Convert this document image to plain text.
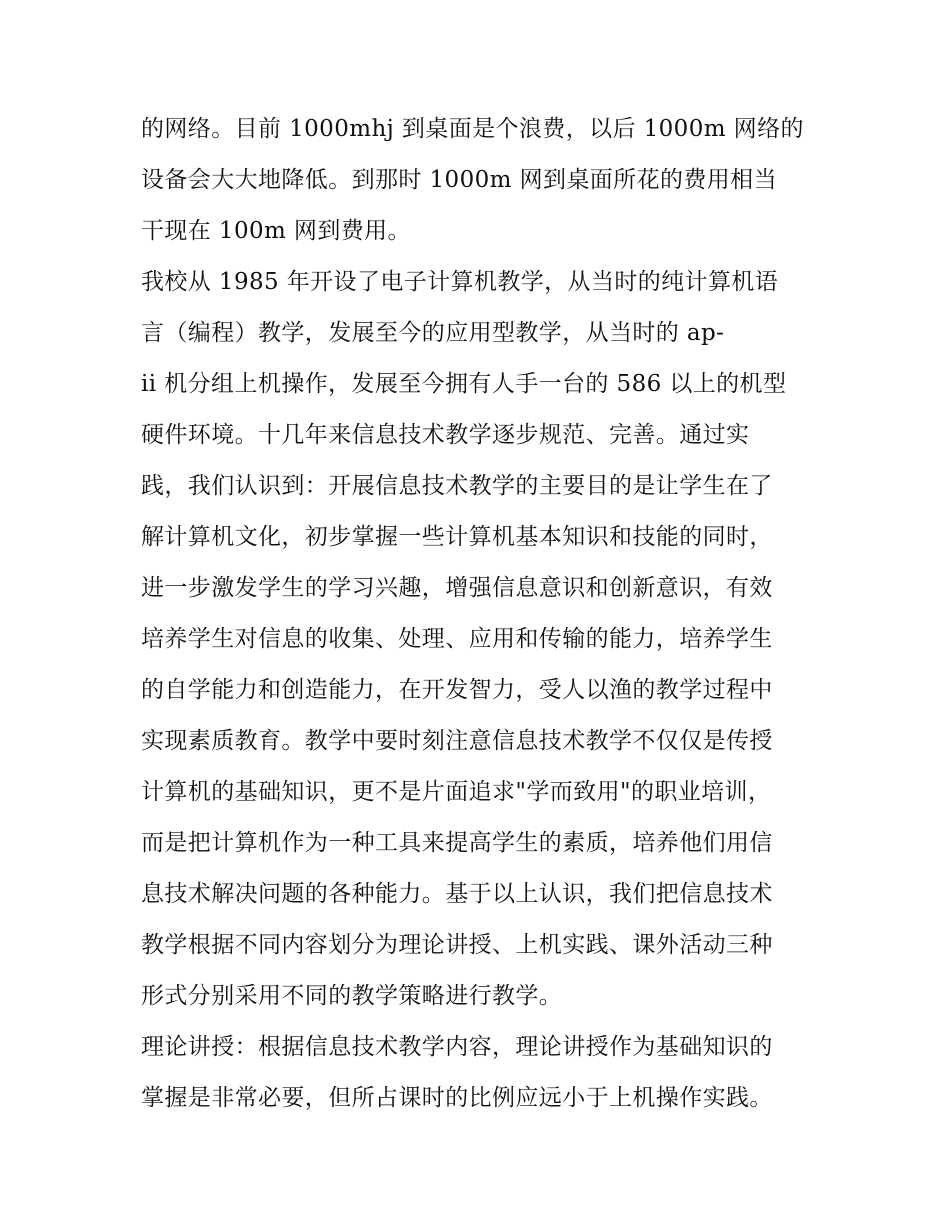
的网络。目前 1000mhj 到桌面是个浪费，以后 1000m 网络的
设备会大大地降低。到那时 1000m 网到桌面所花的费用相当
干现在 100m 网到费用。
我校从 1985 年开设了电子计算机教学，从当时的纯计算机语
言（编程）教学，发展至今的应用型教学，从当时的 ap-
ii 机分组上机操作，发展至今拥有人手一台的 586 以上的机型
硬件环境。十几年来信息技术教学逐步规范、完善。通过实
践，我们认识到：开展信息技术教学的主要目的是让学生在了
解计算机文化，初步掌握一些计算机基本知识和技能的同时，
进一步激发学生的学习兴趣，增强信息意识和创新意识，有效
培养学生对信息的收集、处理、应用和传输的能力，培养学生
的自学能力和创造能力，在开发智力，受人以渔的教学过程中
实现素质教育。教学中要时刻注意信息技术教学不仅仅是传授
计算机的基础知识，更不是片面追求"学而致用"的职业培训，
而是把计算机作为一种工具来提高学生的素质，培养他们用信
息技术解决问题的各种能力。基于以上认识，我们把信息技术
教学根据不同内容划分为理论讲授、上机实践、课外活动三种
形式分别采用不同的教学策略进行教学。
理论讲授：根据信息技术教学内容，理论讲授作为基础知识的
掌握是非常必要，但所占课时的比例应远小于上机操作实践。
